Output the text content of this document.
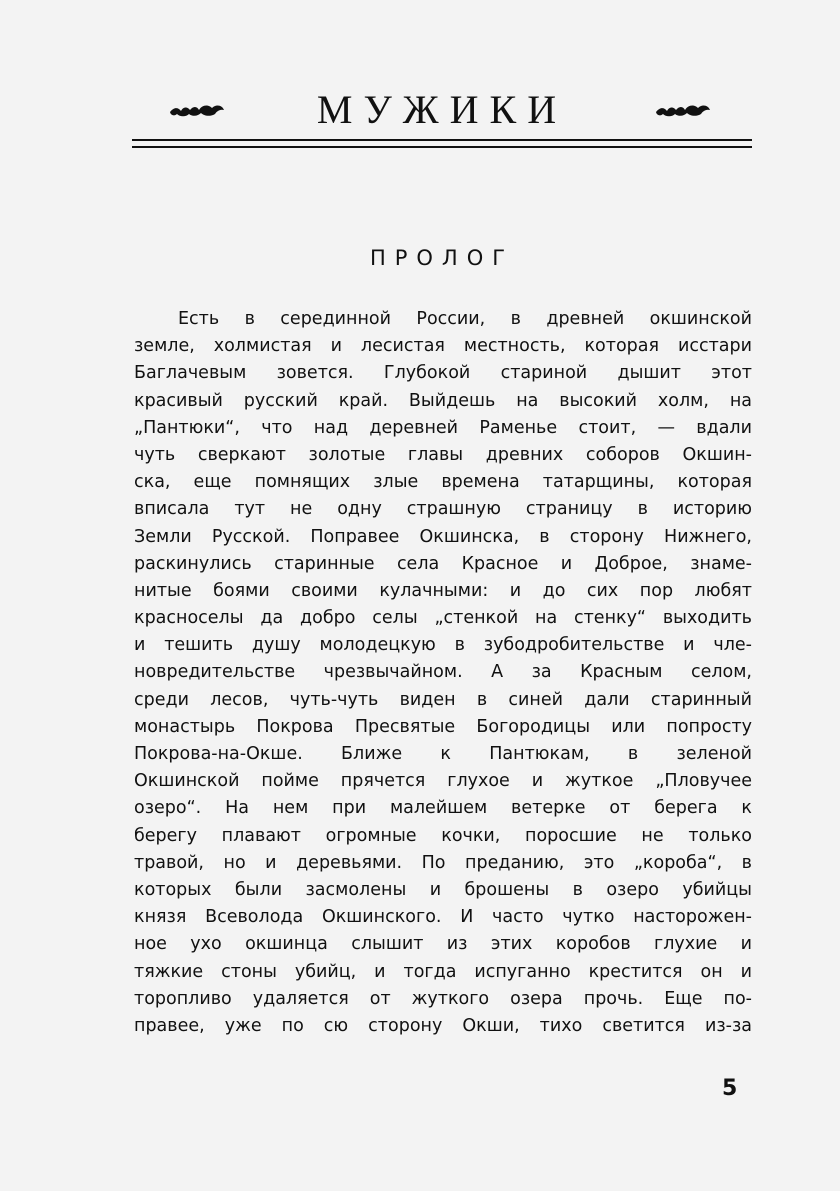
МУЖИКИ
ПРОЛОГ
Есть в серединной России, в древней окшинской
земле, холмистая и лесистая местность, которая исстари
Баглачевым зовется. Глубокой стариной дышит этот
красивый русский край. Выйдешь на высокий холм, на
„Пантюки“, что над деревней Раменье стоит, — вдали
чуть сверкают золотые главы древних соборов Окшин-
ска, еще помнящих злые времена татарщины, которая
вписала тут не одну страшную страницу в историю
Земли Русской. Поправее Окшинска, в сторону Нижнего,
раскинулись старинные села Красное и Доброе, знаме-
нитые боями своими кулачными: и до сих пор любят
красноселы да добро селы „стенкой на стенку“ выходить
и тешить душу молодецкую в зубодробительстве и чле-
новредительстве чрезвычайном. А за Красным селом,
среди лесов, чуть-чуть виден в синей дали старинный
монастырь Покрова Пресвятые Богородицы или попросту
Покрова-на-Окше. Ближе к Пантюкам, в зеленой
Окшинской пойме прячется глухое и жуткое „Пловучее
озеро“. На нем при малейшем ветерке от берега к
берегу плавают огромные кочки, поросшие не только
травой, но и деревьями. По преданию, это „короба“, в
которых были засмолены и брошены в озеро убийцы
князя Всеволода Окшинского. И часто чутко насторожен-
ное ухо окшинца слышит из этих коробов глухие и
тяжкие стоны убийц, и тогда испуганно крестится он и
торопливо удаляется от жуткого озера прочь. Еще по-
правее, уже по сю сторону Окши, тихо светится из-за
5
